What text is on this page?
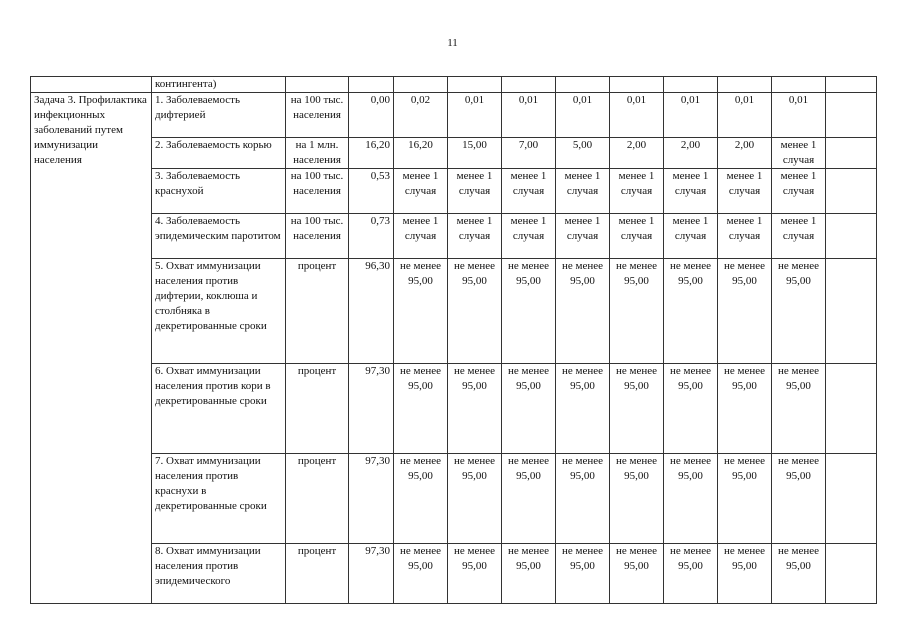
11
	контингента)											
Задача 3. Профилактика инфекционных заболеваний путем иммунизации населения	1. Заболеваемость дифтерией	на 100 тыс. населения	0,00	0,02	0,01	0,01	0,01	0,01	0,01	0,01	0,01	
	2. Заболеваемость корью	на 1 млн. населения	16,20	16,20	15,00	7,00	5,00	2,00	2,00	2,00	менее 1 случая	
	3. Заболеваемость краснухой	на 100 тыс. населения	0,53	менее 1 случая	менее 1 случая	менее 1 случая	менее 1 случая	менее 1 случая	менее 1 случая	менее 1 случая	менее 1 случая	
	4. Заболеваемость эпидемическим паротитом	на 100 тыс. населения	0,73	менее 1 случая	менее 1 случая	менее 1 случая	менее 1 случая	менее 1 случая	менее 1 случая	менее 1 случая	менее 1 случая	
	5. Охват иммунизации населения против дифтерии, коклюша и столбняка в декретированные сроки	процент	96,30	не менее 95,00	не менее 95,00	не менее 95,00	не менее 95,00	не менее 95,00	не менее 95,00	не менее 95,00	не менее 95,00	
	6. Охват иммунизации населения против кори в декретированные сроки	процент	97,30	не менее 95,00	не менее 95,00	не менее 95,00	не менее 95,00	не менее 95,00	не менее 95,00	не менее 95,00	не менее 95,00	
	7. Охват иммунизации населения против краснухи в декретированные сроки	процент	97,30	не менее 95,00	не менее 95,00	не менее 95,00	не менее 95,00	не менее 95,00	не менее 95,00	не менее 95,00	не менее 95,00	
	8. Охват иммунизации населения против эпидемического	процент	97,30	не менее 95,00	не менее 95,00	не менее 95,00	не менее 95,00	не менее 95,00	не менее 95,00	не менее 95,00	не менее 95,00	
